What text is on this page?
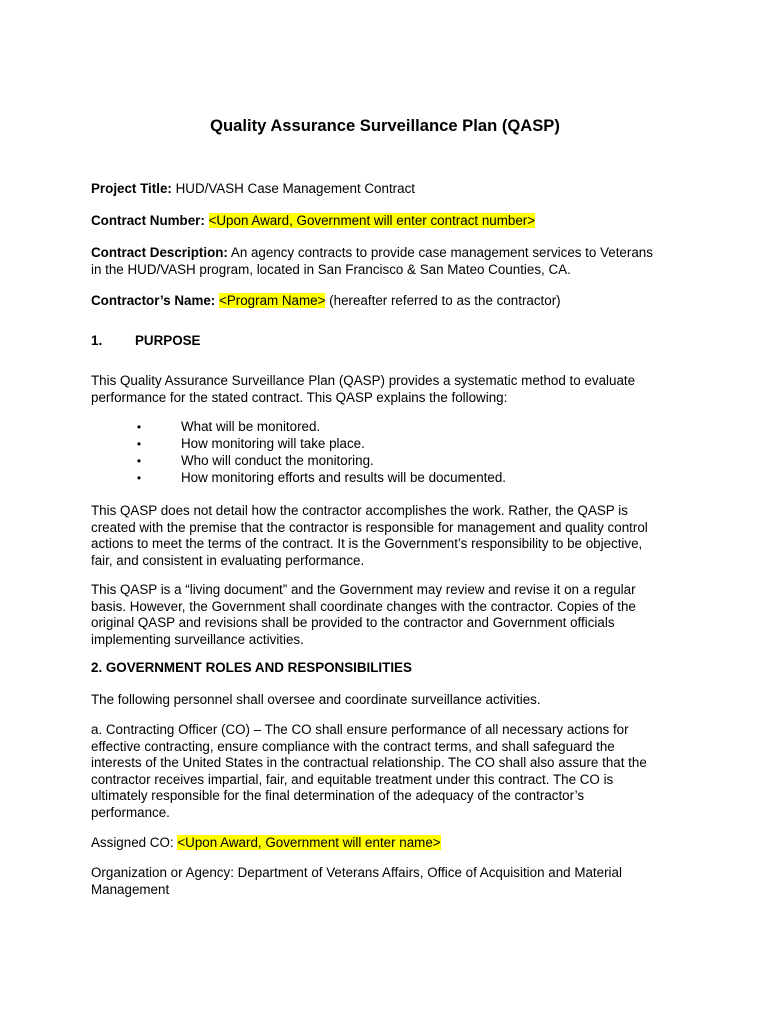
Quality Assurance Surveillance Plan (QASP)
Project Title: HUD/VASH Case Management Contract
Contract Number: <Upon Award, Government will enter contract number>
Contract Description: An agency contracts to provide case management services to Veterans
in the HUD/VASH program, located in San Francisco & San Mateo Counties, CA.
Contractor’s Name: <Program Name> (hereafter referred to as the contractor)
1. PURPOSE
This Quality Assurance Surveillance Plan (QASP) provides a systematic method to evaluate
performance for the stated contract. This QASP explains the following:
•	What will be monitored.
•	How monitoring will take place.
•	Who will conduct the monitoring.
•	How monitoring efforts and results will be documented.
This QASP does not detail how the contractor accomplishes the work. Rather, the QASP is
created with the premise that the contractor is responsible for management and quality control
actions to meet the terms of the contract. It is the Government’s responsibility to be objective,
fair, and consistent in evaluating performance.
This QASP is a “living document” and the Government may review and revise it on a regular
basis. However, the Government shall coordinate changes with the contractor. Copies of the
original QASP and revisions shall be provided to the contractor and Government officials
implementing surveillance activities.
2. GOVERNMENT ROLES AND RESPONSIBILITIES
The following personnel shall oversee and coordinate surveillance activities.
a. Contracting Officer (CO) – The CO shall ensure performance of all necessary actions for
effective contracting, ensure compliance with the contract terms, and shall safeguard the
interests of the United States in the contractual relationship. The CO shall also assure that the
contractor receives impartial, fair, and equitable treatment under this contract. The CO is
ultimately responsible for the final determination of the adequacy of the contractor’s
performance.
Assigned CO: <Upon Award, Government will enter name>
Organization or Agency: Department of Veterans Affairs, Office of Acquisition and Material
Management
